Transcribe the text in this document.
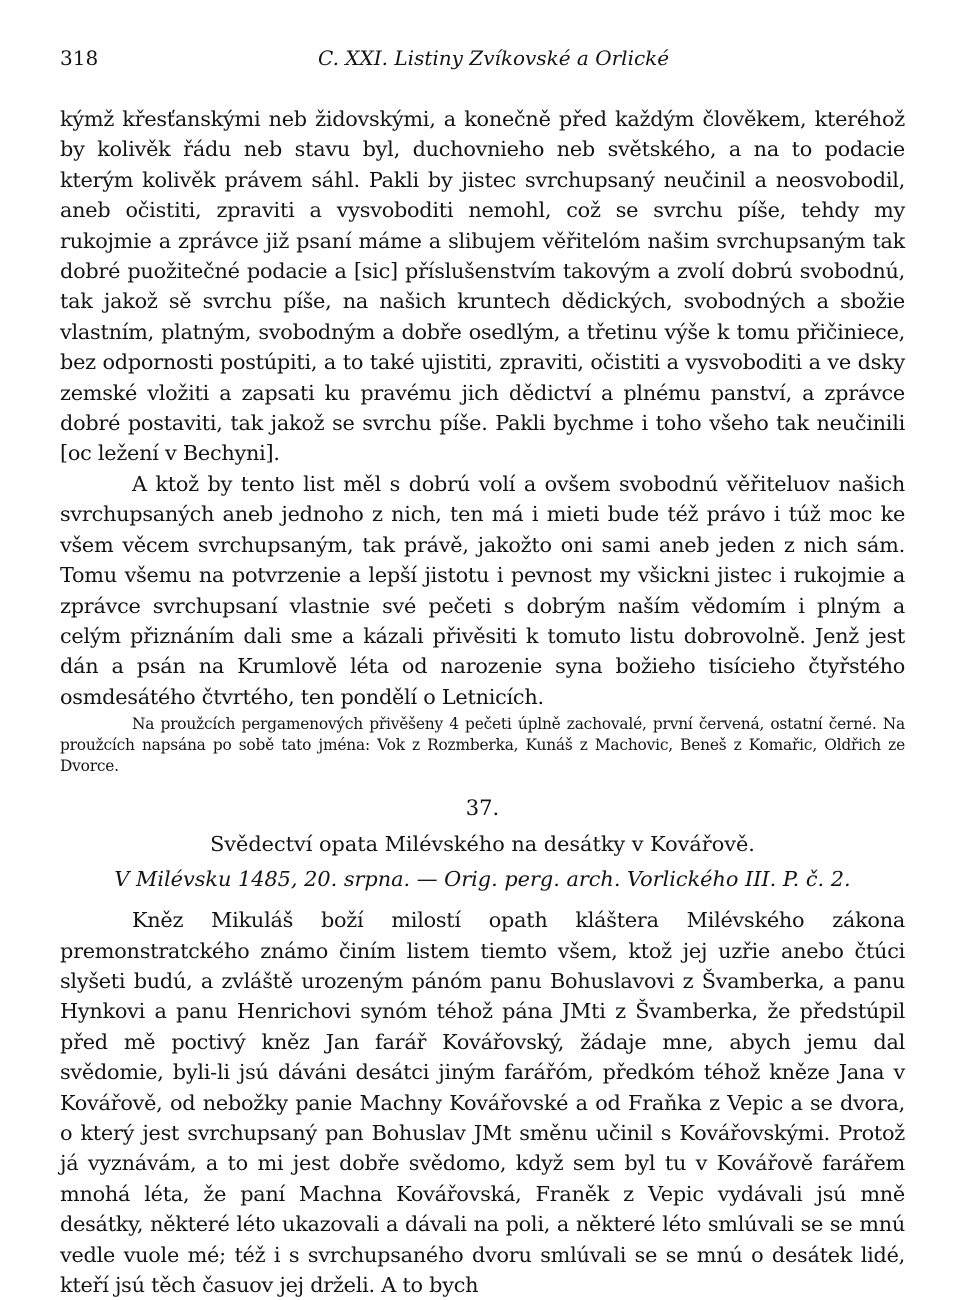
318	C. XXI. Listiny Zvíkovské a Orlické

kýmž křesťanskými neb židovskými, a konečně před každým člověkem, kteréhož by kolivěk řádu neb stavu byl, duchovnieho neb světského, a na to podacie kterým kolivěk právem sáhl. Pakli by jistec svrchupsaný neučinil a neosvobodil, aneb očistiti, zpraviti a vysvoboditi nemohl, což se svrchu píše, tehdy my rukojmie a zprávce již psaní máme a slibujem věřitelóm našim svrchupsaným tak dobré puožitečné podacie a [sic] příslušenstvím takovým a zvolí dobrú svobodnú, tak jakož sě svrchu píše, na našich kruntech dědických, svobodných a sbožie vlastním, platným, svobodným a dobře osedlým, a třetinu výše k tomu přičiniece, bez odpornosti postúpiti, a to také ujistiti, zpraviti, očistiti a vysvoboditi a ve dsky zemské vložiti a zapsati ku pravému jich dědictví a plnému panství, a zprávce dobré postaviti, tak jakož se svrchu píše. Pakli bychme i toho všeho tak neučinili [oc ležení v Bechyni].

A ktož by tento list měl s dobrú volí a ovšem svobodnú věřiteluov našich svrchupsaných aneb jednoho z nich, ten má i mieti bude též právo i túž moc ke všem věcem svrchupsaným, tak právě, jakožto oni sami aneb jeden z nich sám. Tomu všemu na potvrzenie a lepší jistotu i pevnost my všickni jistec i rukojmie a zprávce svrchupsaní vlastnie své pečeti s dobrým naším vědomím i plným a celým přiznáním dali sme a kázali přivěsiti k tomuto listu dobrovolně. Jenž jest dán a psán na Krumlově léta od narozenie syna božieho tisícieho čtyřstého osmdesátého čtvrtého, ten pondělí o Letnicích.

Na proužcích pergamenových přivěšeny 4 pečeti úplně zachovalé, první červená, ostatní černé. Na proužcích napsána po sobě tato jména: Vok z Rozmberka, Kunáš z Machovic, Beneš z Komařic, Oldřich ze Dvorce.

37.
Svědectví opata Milévského na desátky v Kovářově.
V Milévsku 1485, 20. srpna. — Orig. perg. arch. Vorlického III. P. č. 2.

Kněz Mikuláš boží milostí opath kláštera Milévského zákona premonstratckého známo činím listem tiemto všem, ktož jej uzřie anebo čtúci slyšeti budú, a zvláště urozeným pánóm panu Bohuslavovi z Švamberka, a panu Hynkovi a panu Henrichovi synóm téhož pána JMti z Švamberka, že předstúpil před mě poctivý kněz Jan farář Kovářovský, žádaje mne, abych jemu dal svědomie, byli-li jsú dáváni desátci jiným farářóm, předkóm téhož kněze Jana v Kovářově, od nebožky panie Machny Kovářovské a od Fraňka z Vepic a se dvora, o který jest svrchupsaný pan Bohuslav JMt směnu učinil s Kovářovskými. Protož já vyznávám, a to mi jest dobře svědomo, když sem byl tu v Kovářově farářem mnohá léta, že paní Machna Kovářovská, Franěk z Vepic vydávali jsú mně desátky, některé léto ukazovali a dávali na poli, a některé léto smlúvali se se mnú vedle vuole mé; též i s svrchupsaného dvoru smlúvali se se mnú o desátek lidé, kteří jsú těch časuov jej drželi. A to bych
